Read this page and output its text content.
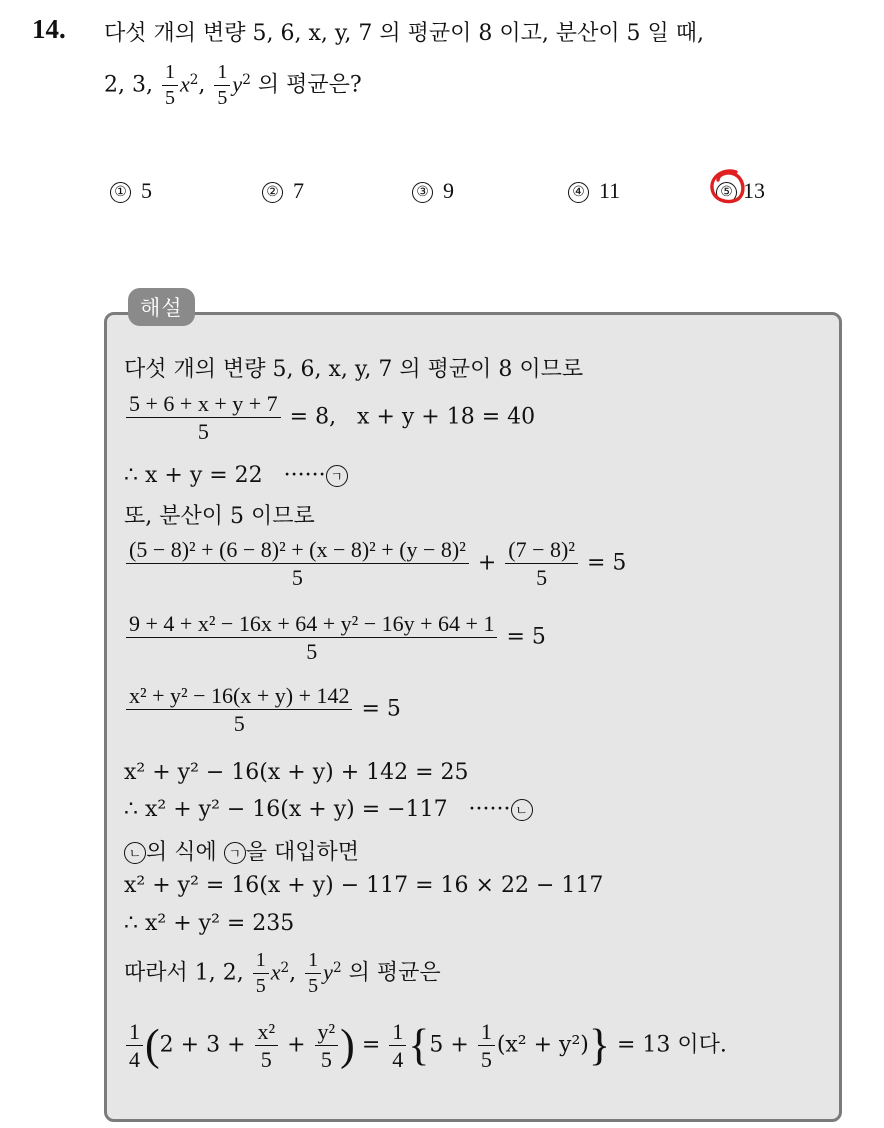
14. 다섯 개의 변량 5, 6, x, y, 7 의 평균이 8 이고, 분산이 5 일 때,
2, 3, $\frac{1}{5} x^2$, $\frac{1}{5} y^2$ 의 평균은?
① 5	② 7	③ 9	④ 11	⑤ 13
해설
다섯 개의 변량 5, 6, x, y, 7 의 평균이 8 이므로
$\frac{5 + 6 + x + y + 7}{5} = 8$,   x + y + 18 = 40
∴ x + y = 22   ······ ㄱ
또, 분산이 5 이므로
$\frac{\text{(5 − 8)² + (6 − 8)² + (x − 8)² + (y − 8)²}}{5} + \frac{\text{(7 − 8)²}}{5} = 5$
$\frac{\text{9 + 4 + x² − 16x + 64 + y² − 16y + 64 + 1}}{5} = 5$
$\frac{\text{x² + y² − 16(x + y) + 142}}{5} = 5$
x² + y² − 16(x + y) + 142 = 25
∴ x² + y² − 16(x + y) = −117   ······ ㄴ
ㄴ 의 식에 ㄱ 을 대입하면
x² + y² = 16(x + y) − 117 = 16 × 22 − 117
∴ x² + y² = 235
따라서 1, 2, $\frac{1}{5} x^2$, $\frac{1}{5} y^2$ 의 평균은
$\frac{1}{4} (2 + 3 + \frac{\text{x²}}{5} + \frac{\text{y²}}{5}$ ) = $\frac{1}{4} \{5 + \frac{1}{5} (x^2 + y^2)\} = 13$ 이다.
